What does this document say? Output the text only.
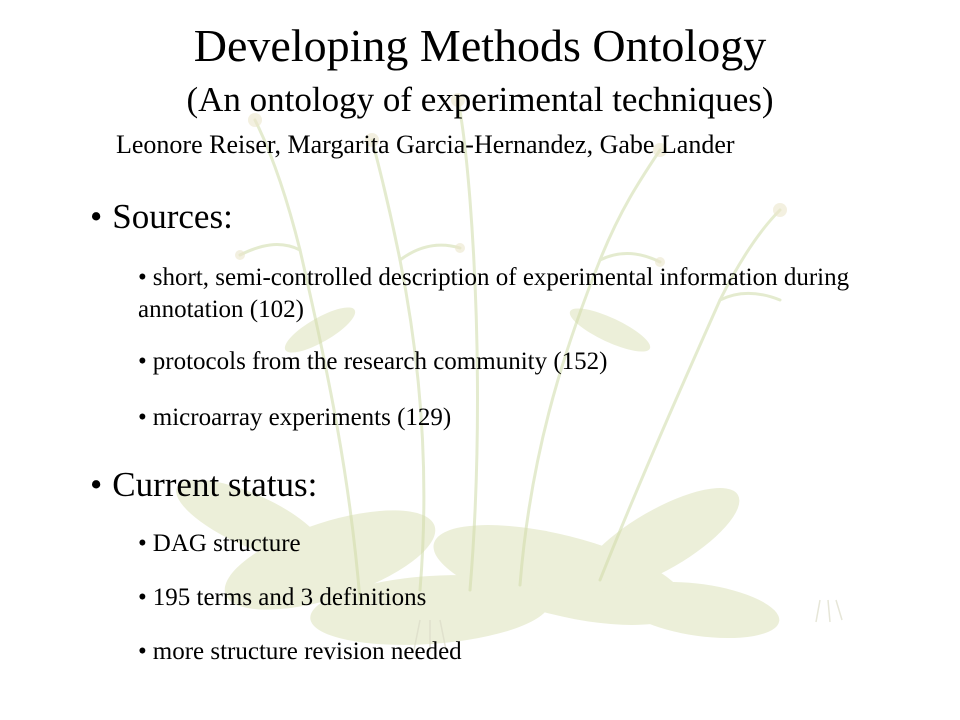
Developing Methods Ontology
(An ontology of experimental techniques)
Leonore Reiser, Margarita Garcia-Hernandez, Gabe Lander
• Sources:
• short, semi-controlled description of experimental information during annotation (102)
• protocols from the research community (152)
• microarray experiments (129)
• Current status:
• DAG structure
• 195 terms and 3 definitions
• more structure revision needed
